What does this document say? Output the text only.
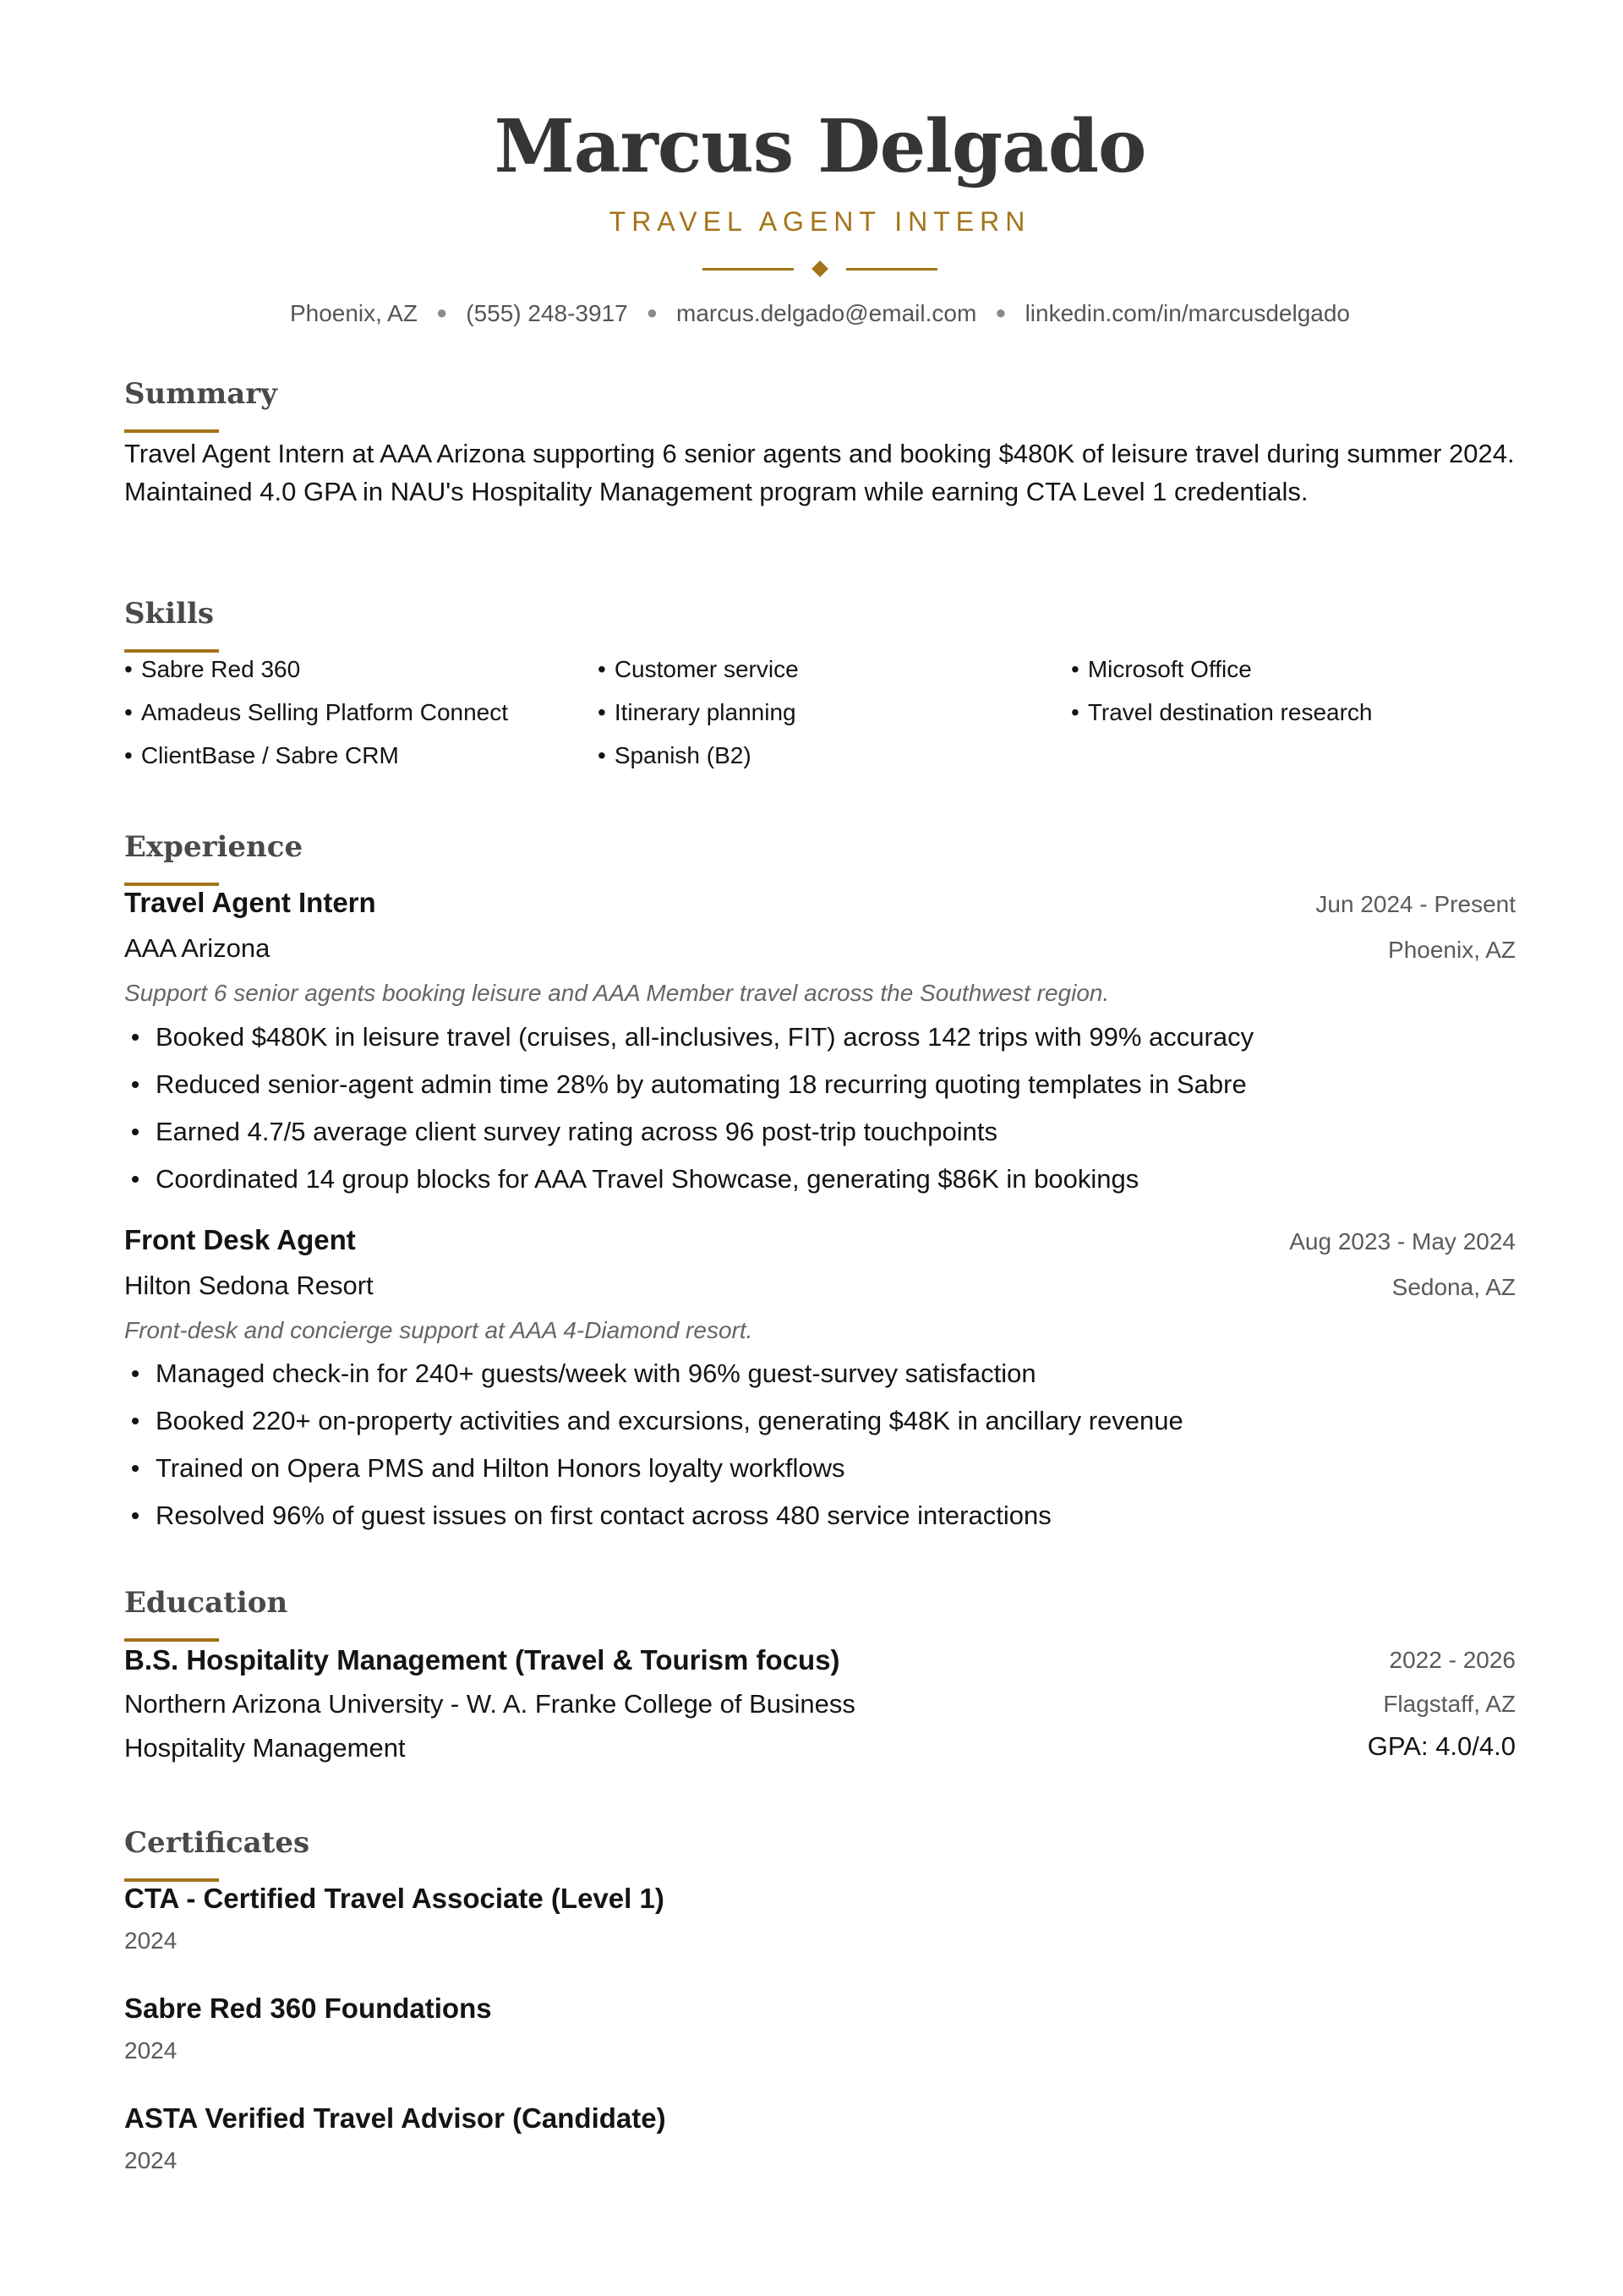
Marcus Delgado
TRAVEL AGENT INTERN
Phoenix, AZ ● (555) 248-3917 ● marcus.delgado@email.com ● linkedin.com/in/marcusdelgado
Summary
Travel Agent Intern at AAA Arizona supporting 6 senior agents and booking $480K of leisure travel during summer 2024. Maintained 4.0 GPA in NAU's Hospitality Management program while earning CTA Level 1 credentials.
Skills
• Sabre Red 360	• Customer service	• Microsoft Office
• Amadeus Selling Platform Connect	• Itinerary planning	• Travel destination research
• ClientBase / Sabre CRM	• Spanish (B2)
Experience
Travel Agent Intern	Jun 2024 - Present
AAA Arizona	Phoenix, AZ
Support 6 senior agents booking leisure and AAA Member travel across the Southwest region.
Booked $480K in leisure travel (cruises, all-inclusives, FIT) across 142 trips with 99% accuracy
Reduced senior-agent admin time 28% by automating 18 recurring quoting templates in Sabre
Earned 4.7/5 average client survey rating across 96 post-trip touchpoints
Coordinated 14 group blocks for AAA Travel Showcase, generating $86K in bookings
Front Desk Agent	Aug 2023 - May 2024
Hilton Sedona Resort	Sedona, AZ
Front-desk and concierge support at AAA 4-Diamond resort.
Managed check-in for 240+ guests/week with 96% guest-survey satisfaction
Booked 220+ on-property activities and excursions, generating $48K in ancillary revenue
Trained on Opera PMS and Hilton Honors loyalty workflows
Resolved 96% of guest issues on first contact across 480 service interactions
Education
B.S. Hospitality Management (Travel & Tourism focus)	2022 - 2026
Northern Arizona University - W. A. Franke College of Business	Flagstaff, AZ
Hospitality Management	GPA: 4.0/4.0
Certificates
CTA - Certified Travel Associate (Level 1)
2024
Sabre Red 360 Foundations
2024
ASTA Verified Travel Advisor (Candidate)
2024
